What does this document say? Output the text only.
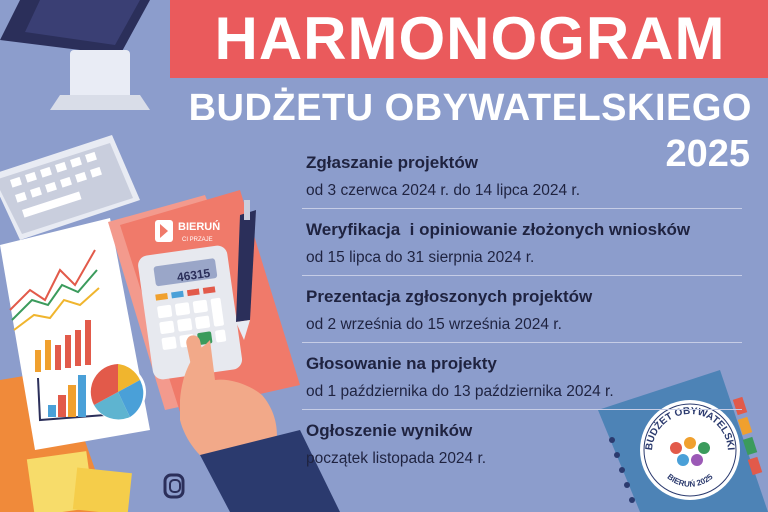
BIERUŃ
CI PRZAJE
46315
BUDŻET OBYWATELSKI
BIERUŃ 2025
HARMONOGRAM
BUDŻETU OBYWATELSKIEGO
2025
Zgłaszanie projektów
od 3 czerwca 2024 r. do 14 lipca 2024 r.
Weryfikacja  i opiniowanie złożonych wniosków
od 15 lipca do 31 sierpnia 2024 r.
Prezentacja zgłoszonych projektów
od 2 września do 15 września 2024 r.
Głosowanie na projekty
od 1 października do 13 października 2024 r.
Ogłoszenie wyników
początek listopada 2024 r.
